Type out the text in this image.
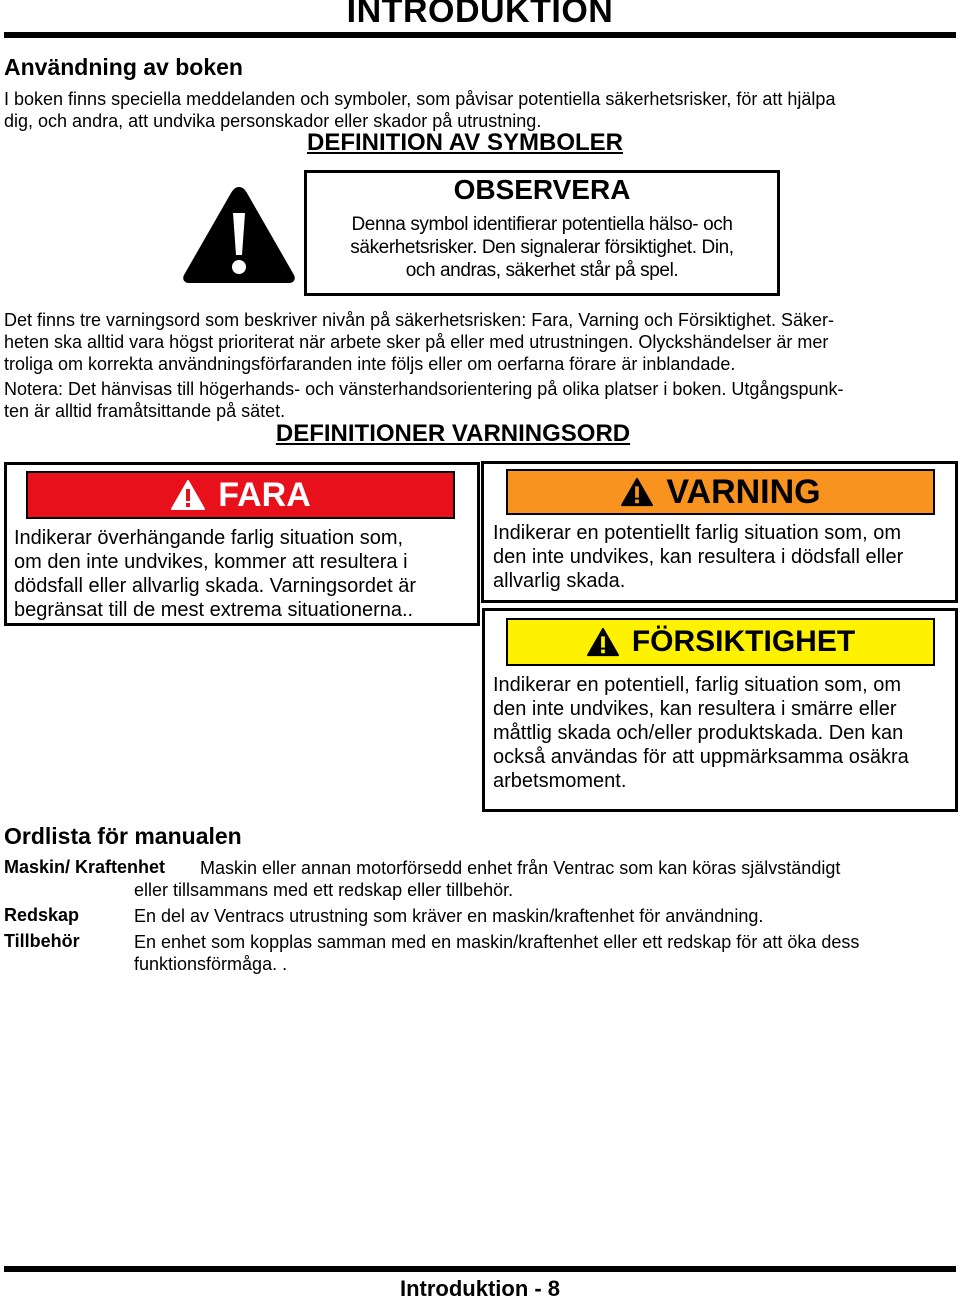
INTRODUKTION
Användning av boken
I boken finns speciella meddelanden och symboler, som påvisar potentiella säkerhetsrisker, för att hjälpa
dig, och andra, att undvika personskador eller skador på utrustning.
DEFINITION AV SYMBOLER
OBSERVERA
Denna symbol identifierar potentiella hälso- och
säkerhetsrisker. Den signalerar försiktighet. Din,
och andras, säkerhet står på spel.
Det finns tre varningsord som beskriver nivån på säkerhetsrisken: Fara, Varning och Försiktighet. Säker-
heten ska alltid vara högst prioriterat när arbete sker på eller med utrustningen. Olyckshändelser är mer
troliga om korrekta användningsförfaranden inte följs eller om oerfarna förare är inblandade.
Notera: Det hänvisas till högerhands- och vänsterhandsorientering på olika platser i boken. Utgångspunk-
ten är alltid framåtsittande på sätet.
DEFINITIONER VARNINGSORD
FARA
Indikerar överhängande farlig situation som,
om den inte undvikes, kommer att resultera i
dödsfall eller allvarlig skada. Varningsordet är
begränsat till de mest extrema situationerna..
VARNING
Indikerar en potentiellt farlig situation som, om
den inte undvikes, kan resultera i dödsfall eller
allvarlig skada.
FÖRSIKTIGHET
Indikerar en potentiell, farlig situation som, om
den inte undvikes, kan resultera i smärre eller
måttlig skada och/eller produktskada. Den kan
också användas för att uppmärksamma osäkra
arbetsmoment.
Ordlista för manualen
Maskin/ Kraftenhet Maskin eller annan motorförsedd enhet från Ventrac som kan köras självständigt
eller tillsammans med ett redskap eller tillbehör.
Redskap	En del av Ventracs utrustning som kräver en maskin/kraftenhet för användning.
Tillbehör	En enhet som kopplas samman med en maskin/kraftenhet eller ett redskap för att öka dess
funktionsförmåga. .
Introduktion - 8
